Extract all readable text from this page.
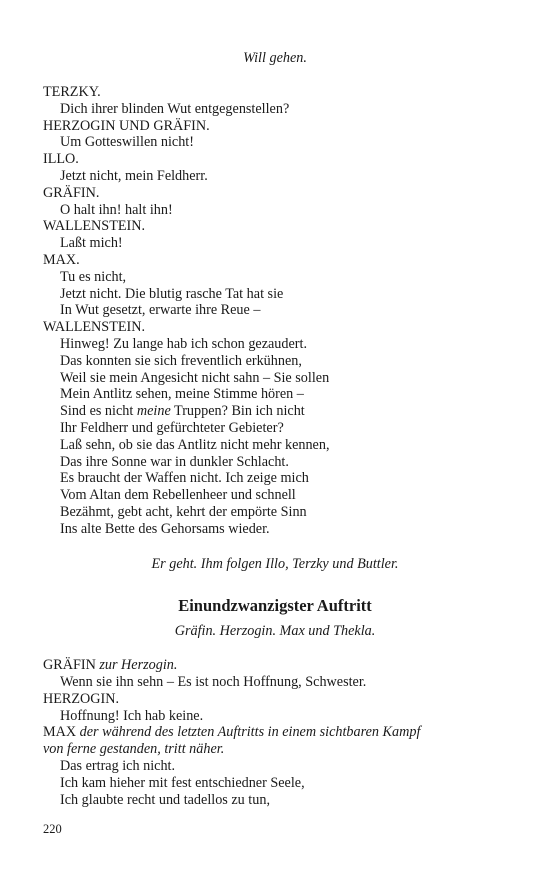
Will gehen.
TERZKY.
Dich ihrer blinden Wut entgegenstellen?
HERZOGIN UND GRÄFIN.
Um Gotteswillen nicht!
ILLO.
Jetzt nicht, mein Feldherr.
GRÄFIN.
O halt ihn! halt ihn!
WALLENSTEIN.
Laßt mich!
MAX.
Tu es nicht,
Jetzt nicht. Die blutig rasche Tat hat sie
In Wut gesetzt, erwarte ihre Reue –
WALLENSTEIN.
Hinweg! Zu lange hab ich schon gezaudert.
Das konnten sie sich freventlich erkühnen,
Weil sie mein Angesicht nicht sahn – Sie sollen
Mein Antlitz sehen, meine Stimme hören –
Ihr Feldherr und gefürchteter Gebieter?
Laß sehn, ob sie das Antlitz nicht mehr kennen,
Das ihre Sonne war in dunkler Schlacht.
Es braucht der Waffen nicht. Ich zeige mich
Vom Altan dem Rebellenheer und schnell
Bezähmt, gebt acht, kehrt der empörte Sinn
Ins alte Bette des Gehorsams wieder.
Sind es nicht meine Truppen? Bin ich nicht
Er geht. Ihm folgen Illo, Terzky und Buttler.
Einundzwanzigster Auftritt
Gräfin. Herzogin. Max und Thekla.
GRÄFIN zur Herzogin.
Wenn sie ihn sehn – Es ist noch Hoffnung, Schwester.
HERZOGIN.
Hoffnung! Ich hab keine.
MAX der während des letzten Auftritts in einem sichtbaren Kampf
von ferne gestanden, tritt näher.
Das ertrag ich nicht.
Ich kam hieher mit fest entschiedner Seele,
Ich glaubte recht und tadellos zu tun,
220
